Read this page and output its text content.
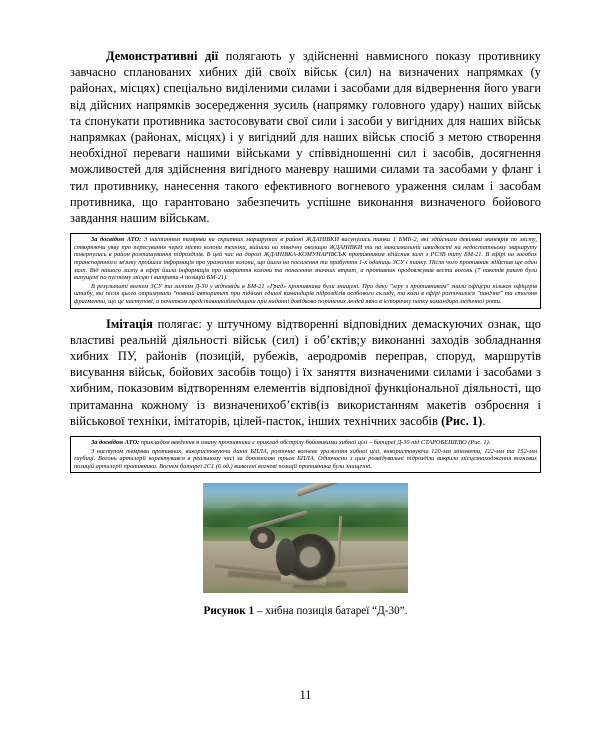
Демонстративні дії полягають у здійсненні навмисного показу противнику завчасно спланованих хибних дій своїх військ (сил) на визначених напрямках (у районах, місцях) спеціально виділеними силами і засобами для відвернення його уваги від дійсних напрямків зосередження зусиль (напрямку головного удару) наших військ та спонукати противника застосовувати свої сили і засоби у вигідних для наших військ напрямках (районах, місцях) і у вигідний для наших військ спосіб з метою створення необхідної переваги нашими військами у співвідношенні сил і засобів, досягнення можливостей для здійснення вигідного маневру нашими силами та засобами у фланг і тил противнику, нанесення такого ефективного вогневого ураження силам і засобам противника, що гарантовано забезпечить успішне виконання визначеного бойового завдання нашим військам.

За досвідом АТО: З настанням темряви на скритних маршрутах в районі ЖДАНІВКИ висунулись танки 1 БМБ-2, які здійснили декілька маневрів по місту, створюючи уяву про пересування через місто колони техніки, вийшли на північну околицю ЖДАНІВКИ та на максимальній швидкості на недостатньому маршруту повернулись в район розташування підрозділів. В цей час на дорозі ЖДАНІВКА-КОМУНАРІВСЬК противником здійснив залп з РСЗВ типу БМ-21. В ефірі на засобах транспортного зв'язку пройшла інформація про ураження колони, що йшла на посилення та прибуття 1-х одиниць ЗСУ і танку. Після чого противник здійснив ще один залп. Від нашого залпу в ефірі йшла інформація про накриття колони та понесення значних втрат, а противник продовжував вести вогонь (7 пакетів ракет були випущені по пустому місцю і витрати 4 позицій БМ-21).

В результаті вогнем ЗСУ та залпом Д-30 у відповідь в БМ-21 «Град» противника були знищені. Про даку "згру з противником" знали офіцери кількох офіцерів штабу, які після цього отримували "повний авторитет при підйомі єдиної командирів підрозділів особового складу, та коли в ефірі розпочалося "панічне" та стогоня фрагменти, що це наступові, а початком представникибмедицини при наданні довідково поранених людей явно в історичну папку командира медичної роти.

Імітація полягає: у штучному відтворенні відповідних демаскуючих ознак, що властиві реальній діяльності військ (сил) і об’єктів;у виконанні заходів зобладнання хибних ПУ, районів (позицій, рубежів, аеродромів переправ, споруд, маршрутів висування військ, бойових засобів тощо) і їх заняття визначеними силами і засобами з хибним, показовим відтворенням елементів відповідної функціональної діяльності, що притаманна кожному із визначенихоб’єктів(із використанням макетів озброєння і військової техніки, імітаторів, цілей-пасток, інших технічних засобів (Рис. 1).

За досвідом АТО: прикладом введення в оману противника є приклад обстрілу бойовиками хибної цілі – батареї Д-30 під СТАРОБЕШЕВО (Рис. 1).

З наступом темряви противник, використовуючи данні БПЛА, розпочне вогневе ураження хибної цілі, використовуючи 120-мм міномети, 122-мм та 152-мм гаубиці. Вогонь артилерії коректувався в реальному часі за допомогою трьох БПЛА. Одночасно з цим розвідувальні підрозділи викрили місцезнаходження вогневих позицій артилерії противника. Вогнем батареї 2С1 (6 од.) виявлені вогневі позиції противника були знищенні.

Рисунок 1 – хибна позиція батареї “Д-30”.
11
